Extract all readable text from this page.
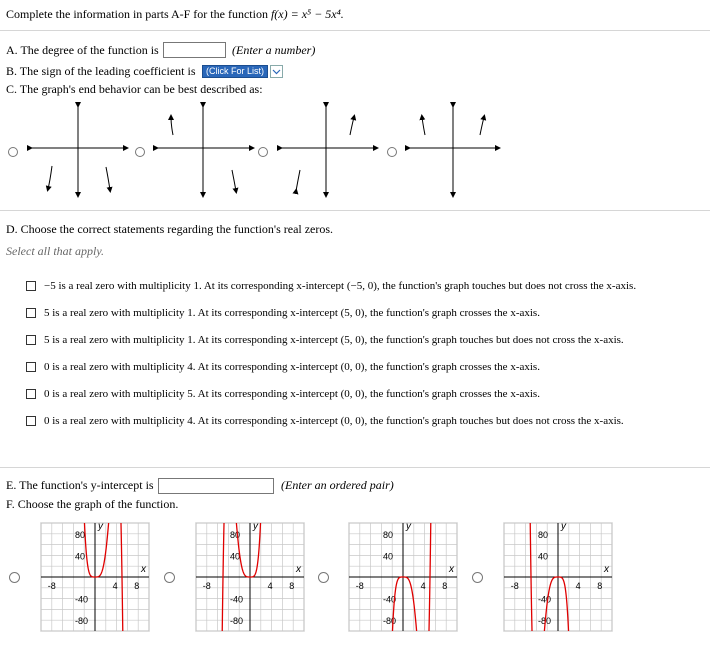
Complete the information in parts A-F for the function f(x) = x⁵ − 5x⁴.
A. The degree of the function is	(Enter a number)
B. The sign of the leading coefficient is	(Click For List)
C. The graph's end behavior can be best described as:
D. Choose the correct statements regarding the function's real zeros.
Select all that apply.
−5 is a real zero with multiplicity 1. At its corresponding x-intercept (−5, 0), the function's graph touches but does not cross the x-axis.
5 is a real zero with multiplicity 1. At its corresponding x-intercept (5, 0), the function's graph crosses the x-axis.
5 is a real zero with multiplicity 1. At its corresponding x-intercept (5, 0), the function's graph touches but does not cross the x-axis.
0 is a real zero with multiplicity 4. At its corresponding x-intercept (0, 0), the function's graph crosses the x-axis.
0 is a real zero with multiplicity 5. At its corresponding x-intercept (0, 0), the function's graph crosses the x-axis.
0 is a real zero with multiplicity 4. At its corresponding x-intercept (0, 0), the function's graph touches but does not cross the x-axis.
E. The function's y-intercept is	(Enter an ordered pair)
F. Choose the graph of the function.
x
y
80
40
-40
-80
-8	4 8
x
y
80
40
-40
-80
-8	4 8
x
y
80
40
-40
-80
-8	4 8
x
y
80
40
-40
-80
-8	4 8
